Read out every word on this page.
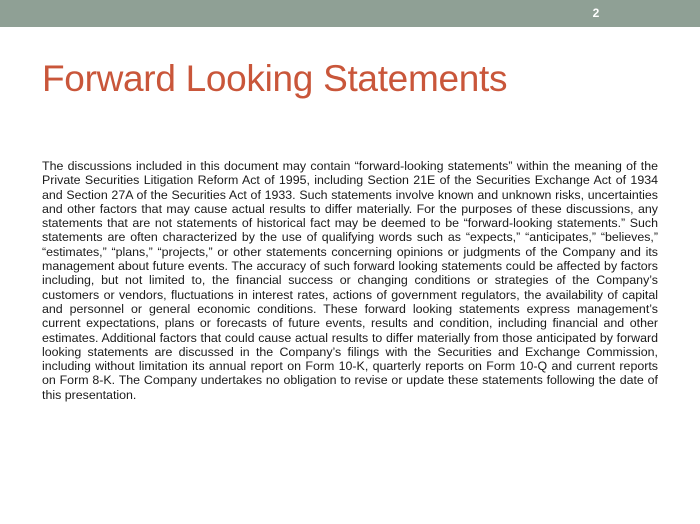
2
Forward Looking Statements

The discussions included in this document may contain “forward-looking statements” within the meaning of the Private Securities Litigation Reform Act of 1995, including Section 21E of the Securities Exchange Act of 1934 and Section 27A of the Securities Act of 1933. Such statements involve known and unknown risks, uncertainties and other factors that may cause actual results to differ materially. For the purposes of these discussions, any statements that are not statements of historical fact may be deemed to be “forward-looking statements.” Such statements are often characterized by the use of qualifying words such as “expects,” “anticipates,” “believes,” “estimates,” “plans,” “projects,” or other statements concerning opinions or judgments of the Company and its management about future events. The accuracy of such forward looking statements could be affected by factors including, but not limited to, the financial success or changing conditions or strategies of the Company’s customers or vendors, fluctuations in interest rates, actions of government regulators, the availability of capital and personnel or general economic conditions. These forward looking statements express management’s current expectations, plans or forecasts of future events, results and condition, including financial and other estimates. Additional factors that could cause actual results to differ materially from those anticipated by forward looking statements are discussed in the Company’s filings with the Securities and Exchange Commission, including without limitation its annual report on Form 10-K, quarterly reports on Form 10-Q and current reports on Form 8-K. The Company undertakes no obligation to revise or update these statements following the date of this presentation.
